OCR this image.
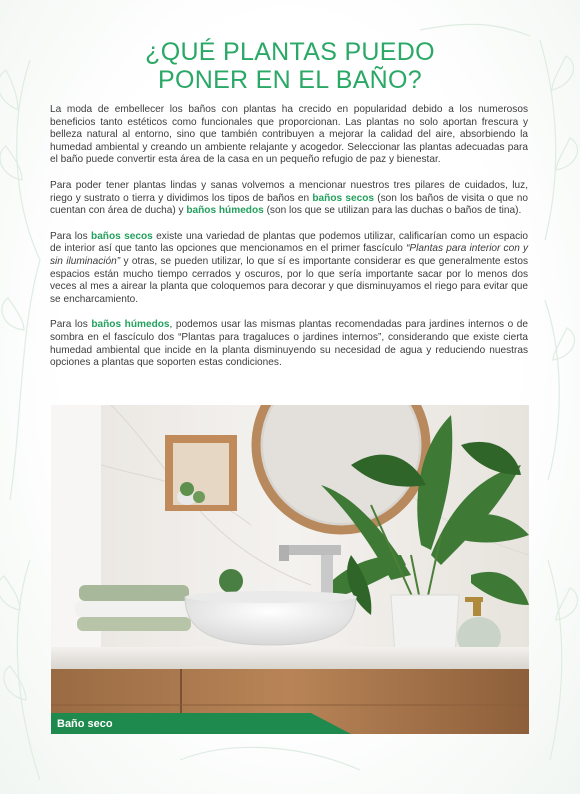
¿QUÉ PLANTAS PUEDO
PONER EN EL BAÑO?

La moda de embellecer los baños con plantas ha crecido en popularidad debido a los numerosos beneficios tanto estéticos como funcionales que proporcionan. Las plantas no solo aportan frescura y belleza natural al entorno, sino que también contribuyen a mejorar la calidad del aire, absorbiendo la humedad ambiental y creando un ambiente relajante y acogedor. Seleccionar las plantas adecuadas para el baño puede convertir esta área de la casa en un pequeño refugio de paz y bienestar.

Para poder tener plantas lindas y sanas volvemos a mencionar nuestros tres pilares de cuidados, luz, riego y sustrato o tierra y dividimos los tipos de baños en baños secos (son los baños de visita o que no cuentan con área de ducha) y baños húmedos (son los que se utilizan para las duchas o baños de tina).

Para los baños secos existe una variedad de plantas que podemos utilizar, calificarían como un espacio de interior así que tanto las opciones que mencionamos en el primer fascículo “Plantas para interior con y sin iluminación” y otras, se pueden utilizar, lo que sí es importante considerar es que generalmente estos espacios están mucho tiempo cerrados y oscuros, por lo que sería importante sacar por lo menos dos veces al mes a airear la planta que coloquemos para decorar y que disminuyamos el riego para evitar que se encharcamiento.

Para los baños húmedos, podemos usar las mismas plantas recomendadas para jardines internos o de sombra en el fascículo dos “Plantas para tragaluces o jardines internos”, considerando que existe cierta humedad ambiental que incide en la planta disminuyendo su necesidad de agua y reduciendo nuestras opciones a plantas que soporten estas condiciones.

Baño seco
